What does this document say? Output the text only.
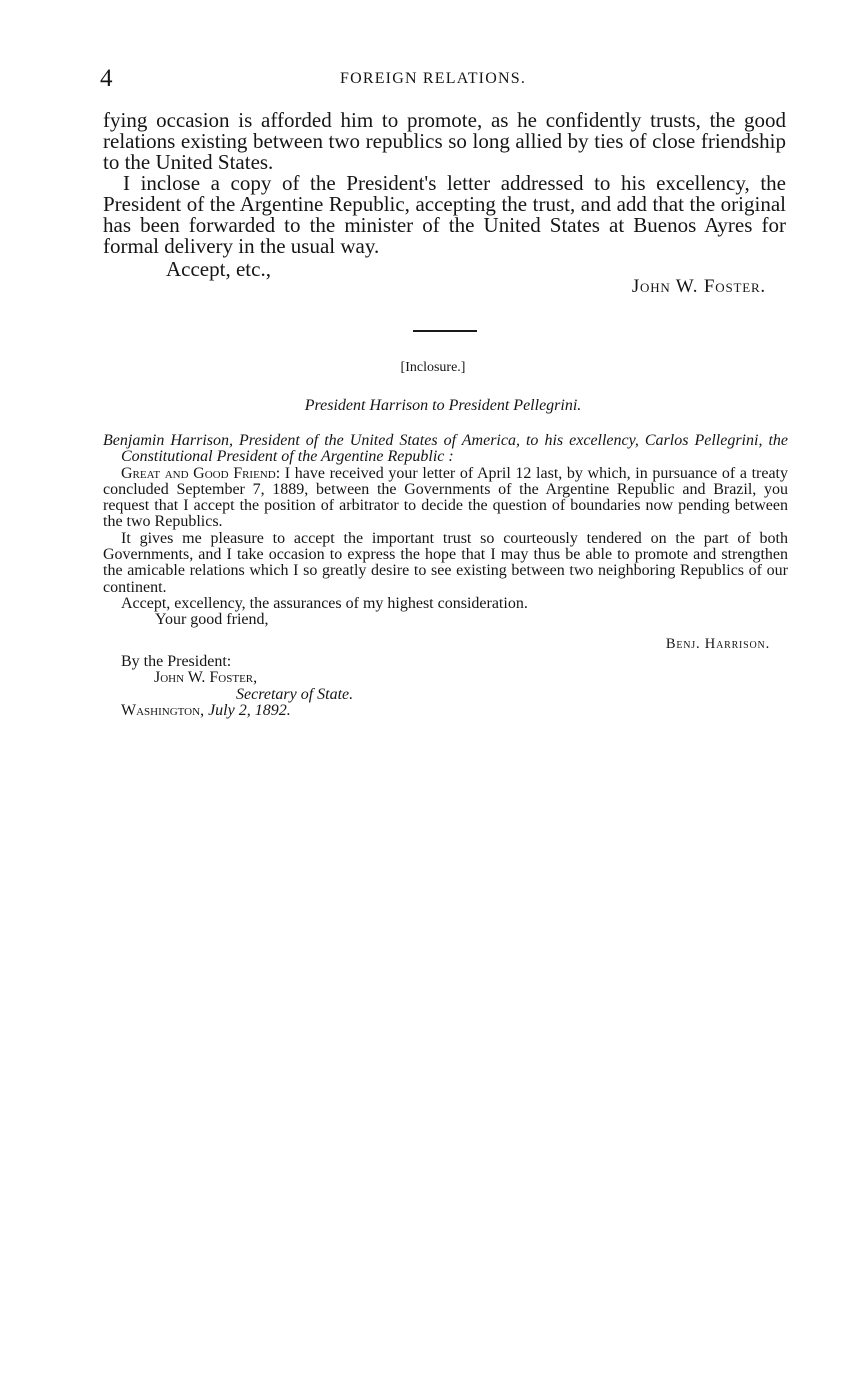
4	FOREIGN RELATIONS.

fying occasion is afforded him to promote, as he confidently trusts, the good relations existing between two republics so long allied by ties of close friendship to the United States.

I inclose a copy of the President's letter addressed to his excellency, the President of the Argentine Republic, accepting the trust, and add that the original has been forwarded to the minister of the United States at Buenos Ayres for formal delivery in the usual way.

Accept, etc.,
John W. Foster.
[Inclosure.]
President Harrison to President Pellegrini.

Benjamin Harrison, President of the United States of America, to his excellency, Carlos Pellegrini, the Constitutional President of the Argentine Republic :

Great and Good Friend: I have received your letter of April 12 last, by which, in pursuance of a treaty concluded September 7, 1889, between the Governments of the Argentine Republic and Brazil, you request that I accept the position of arbitrator to decide the question of boundaries now pending between the two Republics.

It gives me pleasure to accept the important trust so courteously tendered on the part of both Governments, and I take occasion to express the hope that I may thus be able to promote and strengthen the amicable relations which I so greatly desire to see existing between two neighboring Republics of our continent.

Accept, excellency, the assurances of my highest consideration.

Your good friend,

Benj. Harrison.
By the President:
John W. Foster,
Secretary of State.
Washington, July 2, 1892.
